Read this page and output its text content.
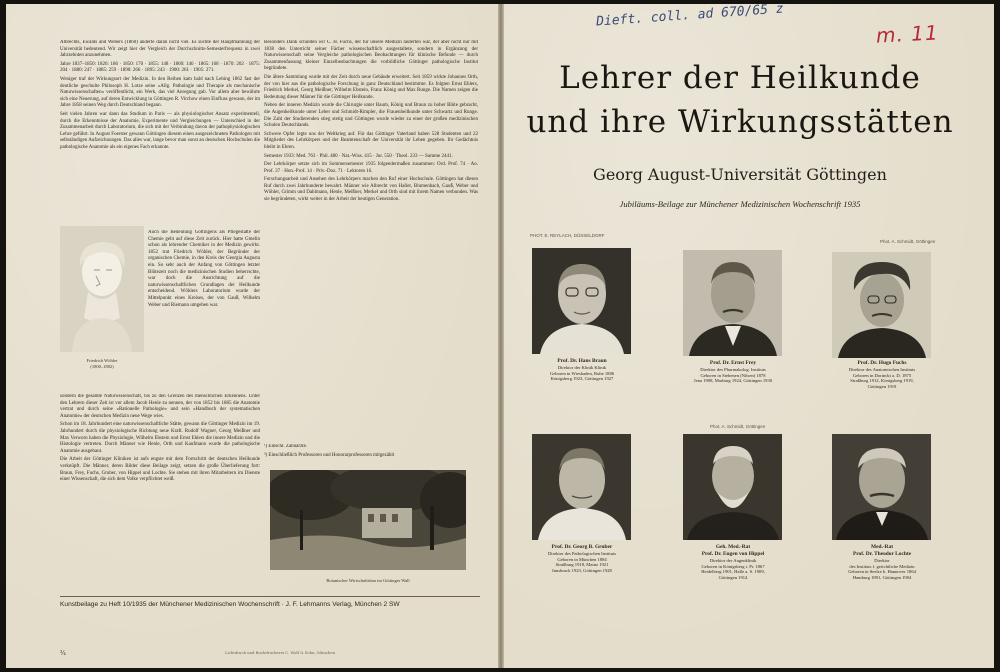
Albrechts, Ewalds and Webers (1860) änderte daran nicht viel. Es suchte der Hauptmahnung der Universität bedeutend. Wir zeigt hier der Vergleich der Durchschnitts-Semesterfrequenz in zwei Jahrzehnten anzunehmen.

Jahre 1837–1850: 1826: 186 · 1850: 170 · 1855: 148 · 1860: 146 · 1865: 168 · 1870: 202 · 1875: 204 · 1880: 247 · 1885: 259 · 1890: 266 · 1895: 243 · 1900: 261 · 1905: 271.

Weniger traf der Wirkungsort der Medizin. In den Reihen kam bald nach Lebing 1862 fast der deutliche geschulte Philosoph H. Lotze seine »Allg. Pathologie und Therapie als mechanische Naturwissenschaften« veröffentlicht, ein Werk, das viel Anregung gab. Vor allem aber bewährte sich eine Neuerung, auf deren Entwicklung in Göttingen R. Virchow einen Einfluss gewann, der im Jahre 1858 seinen Weg durch Deutschland begann.

Seit vielen Jahren war dann das Studium in Paris — als physiologischer Ansatz experimentell, durch die Erkenntnisse der Anatomie, Experimente und Vergleichungen — Unterschied in der Zusammenarbeit durch Laboratorium, die sich mit der Verbindung davon der pathophysiologischen Lehre geführt. In August Foerster gewann Göttingen diesem einen ausgezeichneten Pathologen mit selbständigen Aufzeichnungen. Das alles war, lange bevor man sonst an deutschen Hochschulen die pathologische Anatomie als ein eigenes Fach erkannte.

Friedrich Wöhler
(1800–1882)

Auch die Bedeutung Göttingens als Pflegestätte der Chemie geht auf diese Zeit zurück. Hier hatte Gmelin schon als lehrender Chemiker in der Medizin gewirkt. 1852 trat Friedrich Wöhler, der Begründer der organischen Chemie, in den Kreis der Georgia Augusta ein. So sehr auch der Anfang von Göttingen letzter Blütezeit noch die medizinischen Studien beherrschte, war doch die Ausrichtung auf die naturwissenschaftlichen Grundlagen der Heilkunde entscheidend. Wöhlers Laboratorium wurde der Mittelpunkt eines Kreises, der von Gauß, Wilhelm Weber und Riemann umgeben war.

sondern die gesamte Naturwissenschaft, bis zu den Grenzen des menschlichen Erkennens. Unter den Lehrern dieser Zeit ist vor allem Jacob Henle zu nennen, der von 1852 bis 1885 die Anatomie vertrat und durch seine »Rationelle Pathologie« und sein »Handbuch der systematischen Anatomie« der deutschen Medizin neue Wege wies.

Schon im 18. Jahrhundert eine naturwissenschaftliche Stätte, gewann die Göttinger Medizin im 19. Jahrhundert durch die physiologische Richtung neue Kraft. Rudolf Wagner, Georg Meißner und Max Verworn haben die Physiologie, Wilhelm Ebstein und Ernst Ehlers die innere Medizin und die Histologie vertreten. Durch Männer wie Henle, Orth und Kaufmann wurde die pathologische Anatomie ausgebaut.

Die Arbeit der Göttinger Kliniken ist aufs engste mit dem Fortschritt der deutschen Heilkunde verknüpft. Die Männer, deren Bilder diese Beilage zeigt, setzen die große Überlieferung fort: Braun, Frey, Fuchs, Gruber, von Hippel und Lochte. Sie stehen mit ihren Mitarbeitern im Dienste einer Wissenschaft, die sich dem Volke verpflichtet weiß.

Besonders Dank schulden wir C. H. Fuchs, der für unsere Medizin lauterten war, der aber nicht nur mit 1838 den Unterricht seiner Fächer wissenschaftlich ausgestaltete, sondern in Ergänzung der Naturwissenschaft seine Vergleiche pathologischen Beobachtungen für klinische Befunde — durch Zusammenfassung kleiner Einzelbeobachtungen die vorbildliche Göttinger pathologische Institut begründete.

Die ältere Sammlung wurde mit der Zeit durch neue Gebäude erweitert. Seit 1859 wirkte Johannes Orth, der von hier aus die pathologische Forschung in ganz Deutschland bestimmte. Es folgten Ernst Ehlers, Friedrich Merkel, Georg Meißner, Wilhelm Ebstein, Franz König und Max Runge. Die Namen zeigen die Bedeutung dieser Männer für die Göttinger Heilkunde.

Neben der inneren Medizin wurde die Chirurgie unter Baum, König und Braun zu hoher Blüte gebracht, die Augenheilkunde unter Leber und Schmidt-Rimpler, die Frauenheilkunde unter Schwartz und Runge. Die Zahl der Studierenden stieg stetig und Göttingen wurde wieder zu einer der großen medizinischen Schulen Deutschlands.

Schwere Opfer legte uns der Weltkrieg auf. Für das Göttinger Vaterland haben 528 Studenten und 22 Mitglieder des Lehrkörpers und der Beamtenschaft der Universität ihr Leben gegeben. Ihr Gedächtnis bleibt in Ehren.

Semester 1933: Med. 763 · Phil. 480 · Nat.-Wiss. 415 · Jur. 550 · Theol. 233 — Summe 2441.

Der Lehrkörper setzte sich im Sommersemester 1935 folgendermaßen zusammen: Ord. Prof. 74 · Ao. Prof. 37 · Hon.-Prof. 14 · Priv.-Doz. 71 · Lektoren 16.

Forschungsarbeit und Ansehen des Lehrkörpers machen den Ruf einer Hochschule. Göttingen hat diesen Ruf durch zwei Jahrhunderte bewahrt. Männer wie Albrecht von Haller, Blumenbach, Gauß, Weber und Wöhler, Grimm und Dahlmann, Henle, Meißner, Merkel und Orth sind mit ihrem Namen verbunden. Was sie begründeten, wirkt weiter in der Arbeit der heutigen Generation.

¹) Einschl. Zahnärzte.

²) Einschließlich Professoren und Honorarprofessoren mitgezählt

Botanischer Wirtschaftsbau im Göttinger Wall
Kunstbeilage zu Heft 10/1935 der Münchener Medizinischen Wochenschrift · J. F. Lehmanns Verlag, München 2 SW
¾	Lichtdruck und Buchdruckerei C. Wolf & Sohn, München
Dieft. coll. ad 670/65 z
m. 11
Lehrer der Heilkunde
und ihre Wirkungsstätten
Georg August-Universität Göttingen
Jubiläums-Beilage zur Münchener Medizinischen Wochenschrift 1935
PHOT. E. REYLACH, DÜSSELDORF
Phot. A. Schmidt, Göttingen
Phot. A. Schmidt, Göttingen
Prof. Dr. Hans Braun
Direktor der Klinik Klinik
Geboren in Wiesbaden, Ruhe 1886
Königsberg 1923, Göttingen 1927
Prof. Dr. Ernst Frey
Direktor des Pharmakolog. Instituts
Geboren in Siebenen (Nilsen) 1878
Jena 1908, Marburg 1924, Göttingen 1930
Prof. Dr. Hugo Fuchs
Direktor des Anatomischen Instituts
Geboren in Dorinckt a. D. 1875
Straßburg 1912, Königsberg 1919,
Göttingen 1919
Prof. Dr. Georg B. Gruber
Direktor des Pathologischen Instituts
Geboren in München 1884
Straßburg 1918, Mainz 1921
Innsbruck 1923, Göttingen 1928
Geh. Med.-Rat
Prof. Dr. Eugen von Hippel
Direktor der Augenklinik
Geboren in Königsberg i. Pr. 1867
Heidelberg 1901, Halle a. S. 1909,
Göttingen 1914
Med.-Rat
Prof. Dr. Theodor Lochte
Direktor
des Instituts f. gerichtliche Medizin
Geboren in Seelze b. Hannover 1864
Hamburg 1891, Göttingen 1904
